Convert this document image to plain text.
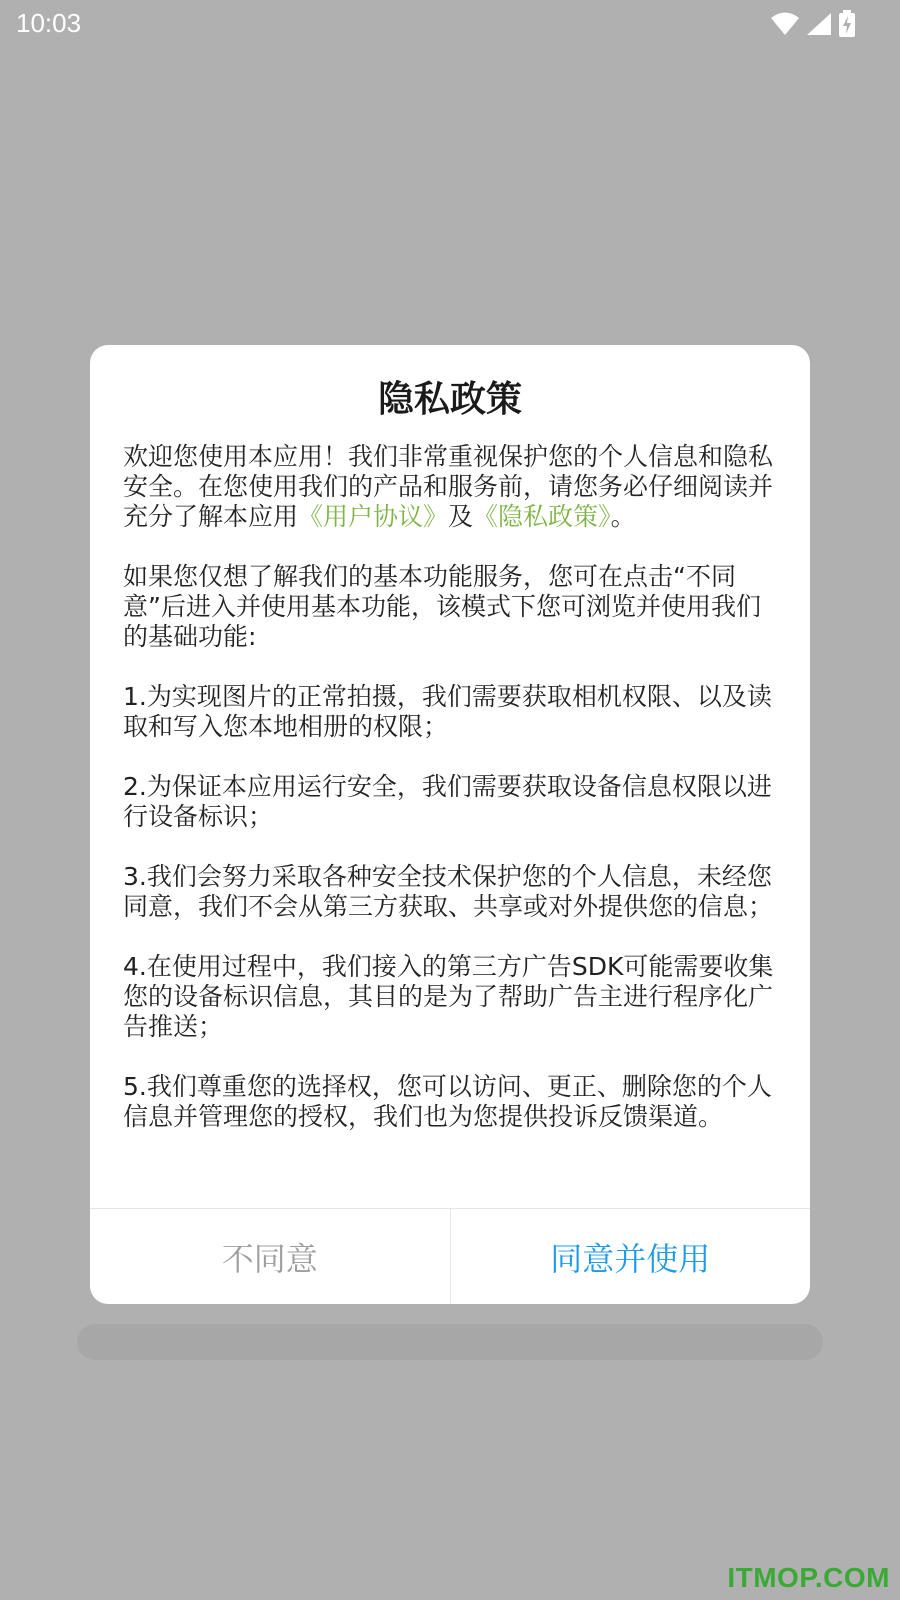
10:03
隐私政策

欢迎您使用本应用！我们非常重视保护您的个人信息和隐私安全。在您使用我们的产品和服务前，请您务必仔细阅读并充分了解本应用《用户协议》及《隐私政策》。

如果您仅想了解我们的基本功能服务，您可在点击“不同意”后进入并使用基本功能，该模式下您可浏览并使用我们的基础功能:

1.为实现图片的正常拍摄，我们需要获取相机权限、以及读取和写入您本地相册的权限；

2.为保证本应用运行安全，我们需要获取设备信息权限以进行设备标识；

3.我们会努力采取各种安全技术保护您的个人信息，未经您同意，我们不会从第三方获取、共享或对外提供您的信息；

4.在使用过程中，我们接入的第三方广告SDK可能需要收集您的设备标识信息，其目的是为了帮助广告主进行程序化广告推送；

5.我们尊重您的选择权，您可以访问、更正、删除您的个人信息并管理您的授权，我们也为您提供投诉反馈渠道。

不同意	同意并使用
ITMOP.COM
